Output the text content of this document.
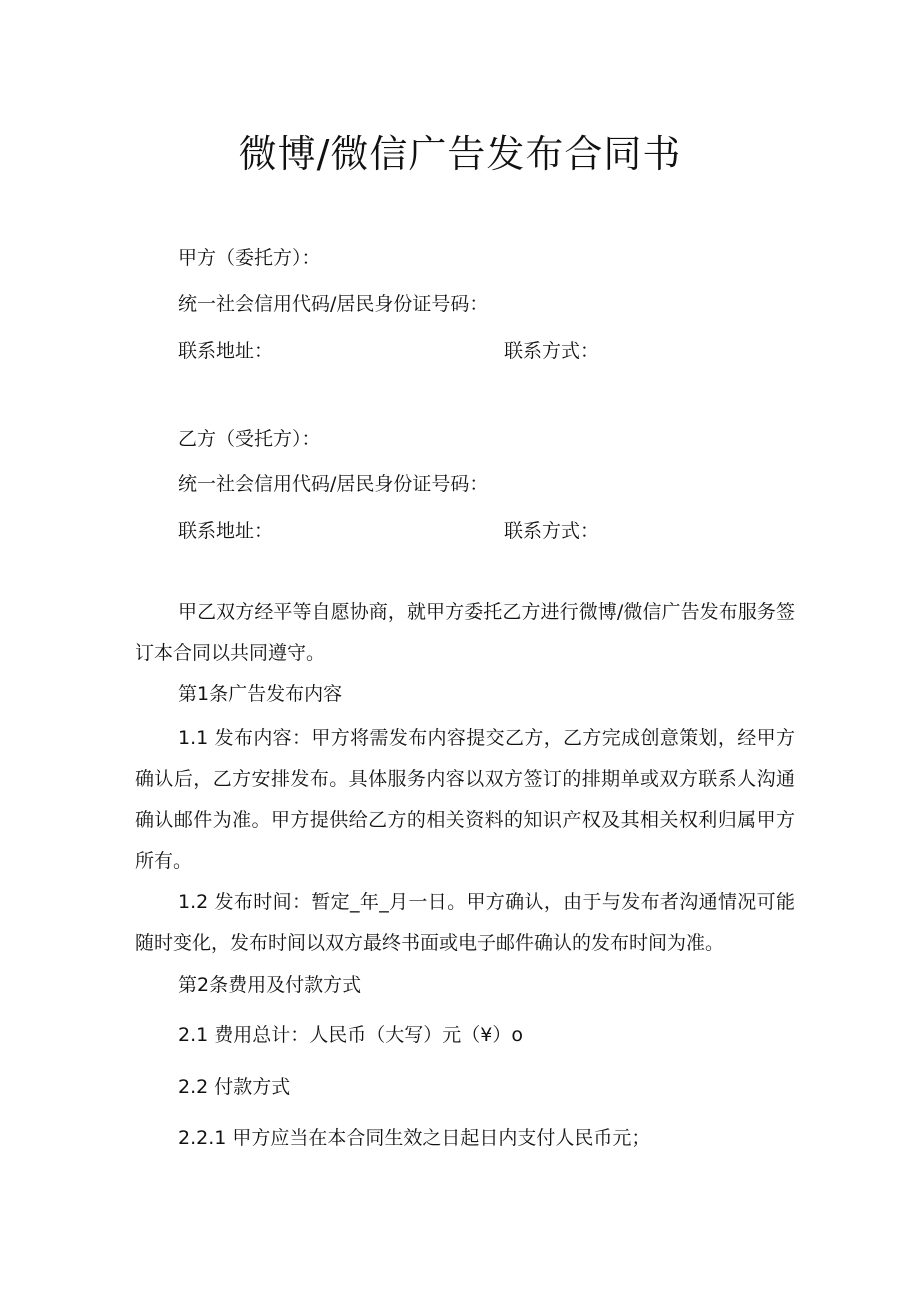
微博/微信广告发布合同书
甲方（委托方）：
统一社会信用代码/居民身份证号码：
联系地址：	联系方式：
乙方（受托方）：
统一社会信用代码/居民身份证号码：
联系地址：	联系方式：

甲乙双方经平等自愿协商，就甲方委托乙方进行微博/微信广告发布服务签订本合同以共同遵守。

第1条广告发布内容

1.1 发布内容：甲方将需发布内容提交乙方，乙方完成创意策划，经甲方确认后，乙方安排发布。具体服务内容以双方签订的排期单或双方联系人沟通确认邮件为准。甲方提供给乙方的相关资料的知识产权及其相关权利归属甲方所有。

1.2 发布时间：暂定_年_月一日。甲方确认，由于与发布者沟通情况可能随时变化，发布时间以双方最终书面或电子邮件确认的发布时间为准。

第2条费用及付款方式
2.1 费用总计：人民币（大写）元（¥）o
2.2 付款方式
2.2.1 甲方应当在本合同生效之日起日内支付人民币元；
